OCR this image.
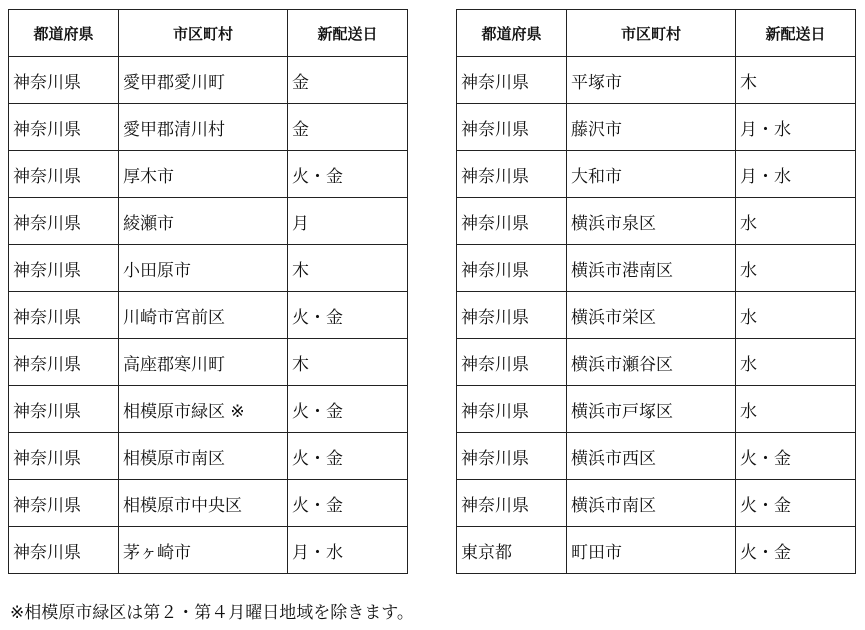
都道府県	市区町村	新配送日
神奈川県	愛甲郡愛川町	金
神奈川県	愛甲郡清川村	金
神奈川県	厚木市	火・金
神奈川県	綾瀬市	月
神奈川県	小田原市	木
神奈川県	川崎市宮前区	火・金
神奈川県	高座郡寒川町	木
神奈川県	相模原市緑区 ※	火・金
神奈川県	相模原市南区	火・金
神奈川県	相模原市中央区	火・金
神奈川県	茅ヶ崎市	月・水
都道府県	市区町村	新配送日
神奈川県	平塚市	木
神奈川県	藤沢市	月・水
神奈川県	大和市	月・水
神奈川県	横浜市泉区	水
神奈川県	横浜市港南区	水
神奈川県	横浜市栄区	水
神奈川県	横浜市瀬谷区	水
神奈川県	横浜市戸塚区	水
神奈川県	横浜市西区	火・金
神奈川県	横浜市南区	火・金
東京都	町田市	火・金
※相模原市緑区は第２・第４月曜日地域を除きます。
